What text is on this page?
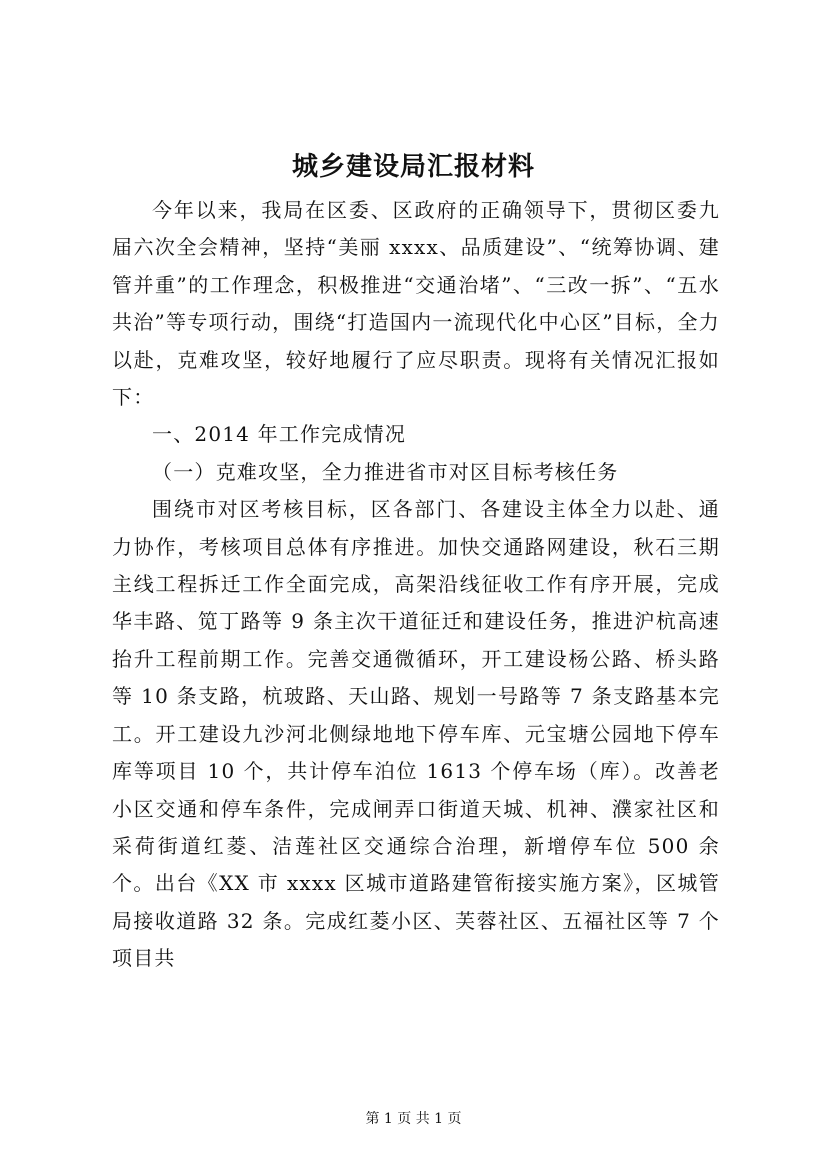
城乡建设局汇报材料

今年以来，我局在区委、区政府的正确领导下，贯彻区委九届六次全会精神，坚持“美丽 xxxx、品质建设”、“统筹协调、建管并重”的工作理念，积极推进“交通治堵”、“三改一拆”、“五水共治”等专项行动，围绕“打造国内一流现代化中心区”目标，全力以赴，克难攻坚，较好地履行了应尽职责。现将有关情况汇报如下：

一、2014 年工作完成情况

（一）克难攻坚，全力推进省市对区目标考核任务

围绕市对区考核目标，区各部门、各建设主体全力以赴、通力协作，考核项目总体有序推进。加快交通路网建设，秋石三期主线工程拆迁工作全面完成，高架沿线征收工作有序开展，完成华丰路、笕丁路等 9 条主次干道征迁和建设任务，推进沪杭高速抬升工程前期工作。完善交通微循环，开工建设杨公路、桥头路等 10 条支路，杭玻路、天山路、规划一号路等 7 条支路基本完工。开工建设九沙河北侧绿地地下停车库、元宝塘公园地下停车库等项目 10 个，共计停车泊位 1613 个停车场（库）。改善老小区交通和停车条件，完成闸弄口街道天城、机神、濮家社区和采荷街道红菱、洁莲社区交通综合治理，新增停车位 500 余个。出台《XX 市 xxxx 区城市道路建管衔接实施方案》，区城管局接收道路 32 条。完成红菱小区、芙蓉社区、五福社区等 7 个项目共

第 1 页 共 1 页
